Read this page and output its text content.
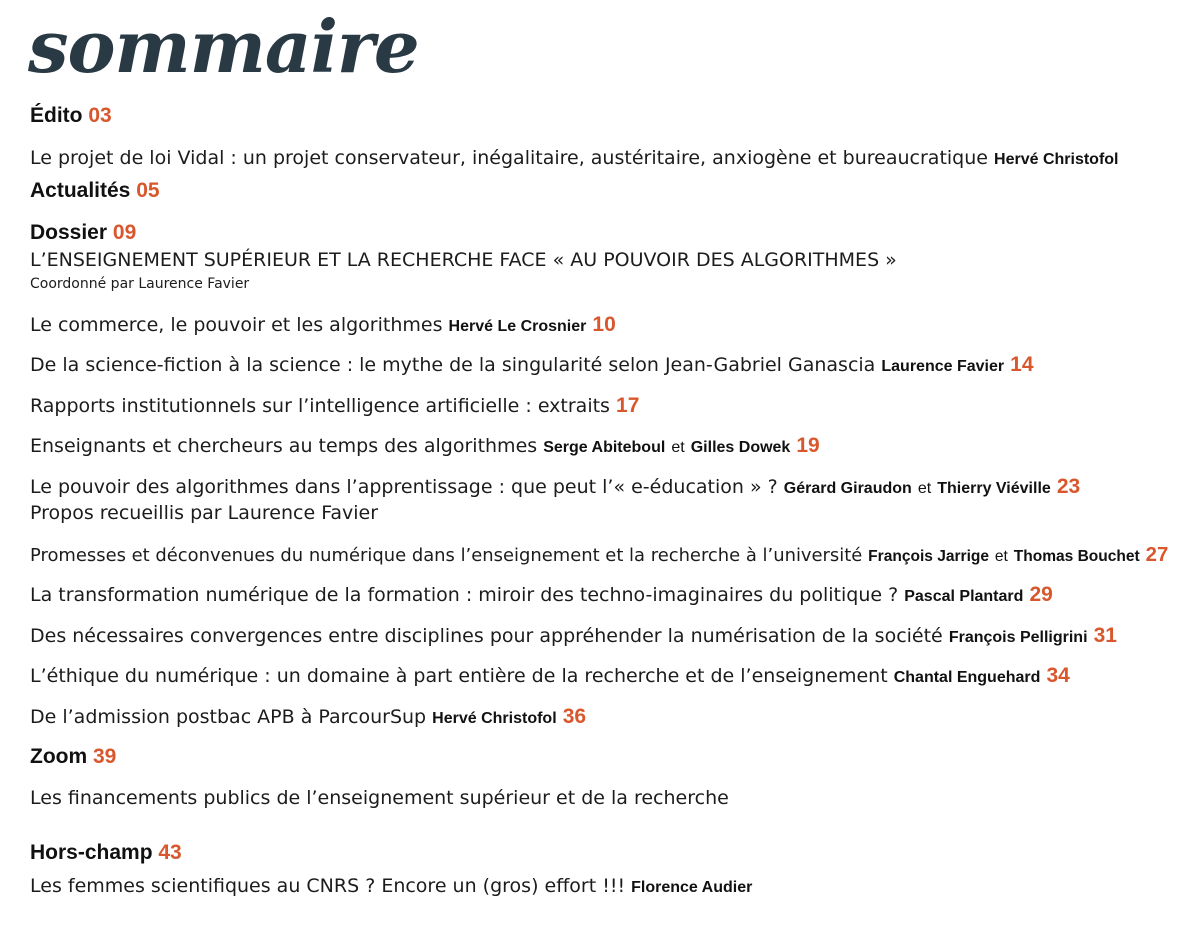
sommaire
Édito 03
Le projet de loi Vidal : un projet conservateur, inégalitaire, austéritaire, anxiogène et bureaucratique Hervé Christofol
Actualités 05
Dossier 09
L’ENSEIGNEMENT SUPÉRIEUR ET LA RECHERCHE FACE « AU POUVOIR DES ALGORITHMES »
Coordonné par Laurence Favier
Le commerce, le pouvoir et les algorithmes Hervé Le Crosnier 10
De la science-fiction à la science : le mythe de la singularité selon Jean-Gabriel Ganascia Laurence Favier 14
Rapports institutionnels sur l’intelligence artificielle : extraits 17
Enseignants et chercheurs au temps des algorithmes Serge Abiteboul et Gilles Dowek 19
Le pouvoir des algorithmes dans l’apprentissage : que peut l’« e-éducation » ? Gérard Giraudon et Thierry Viéville 23
Propos recueillis par Laurence Favier
Promesses et déconvenues du numérique dans l’enseignement et la recherche à l’université François Jarrige et Thomas Bouchet 27
La transformation numérique de la formation : miroir des techno-imaginaires du politique ? Pascal Plantard 29
Des nécessaires convergences entre disciplines pour appréhender la numérisation de la société François Pelligrini 31
L’éthique du numérique : un domaine à part entière de la recherche et de l’enseignement Chantal Enguehard 34
De l’admission postbac APB à ParcourSup Hervé Christofol 36
Zoom 39
Les financements publics de l’enseignement supérieur et de la recherche
Hors-champ 43
Les femmes scientifiques au CNRS ? Encore un (gros) effort !!! Florence Audier
